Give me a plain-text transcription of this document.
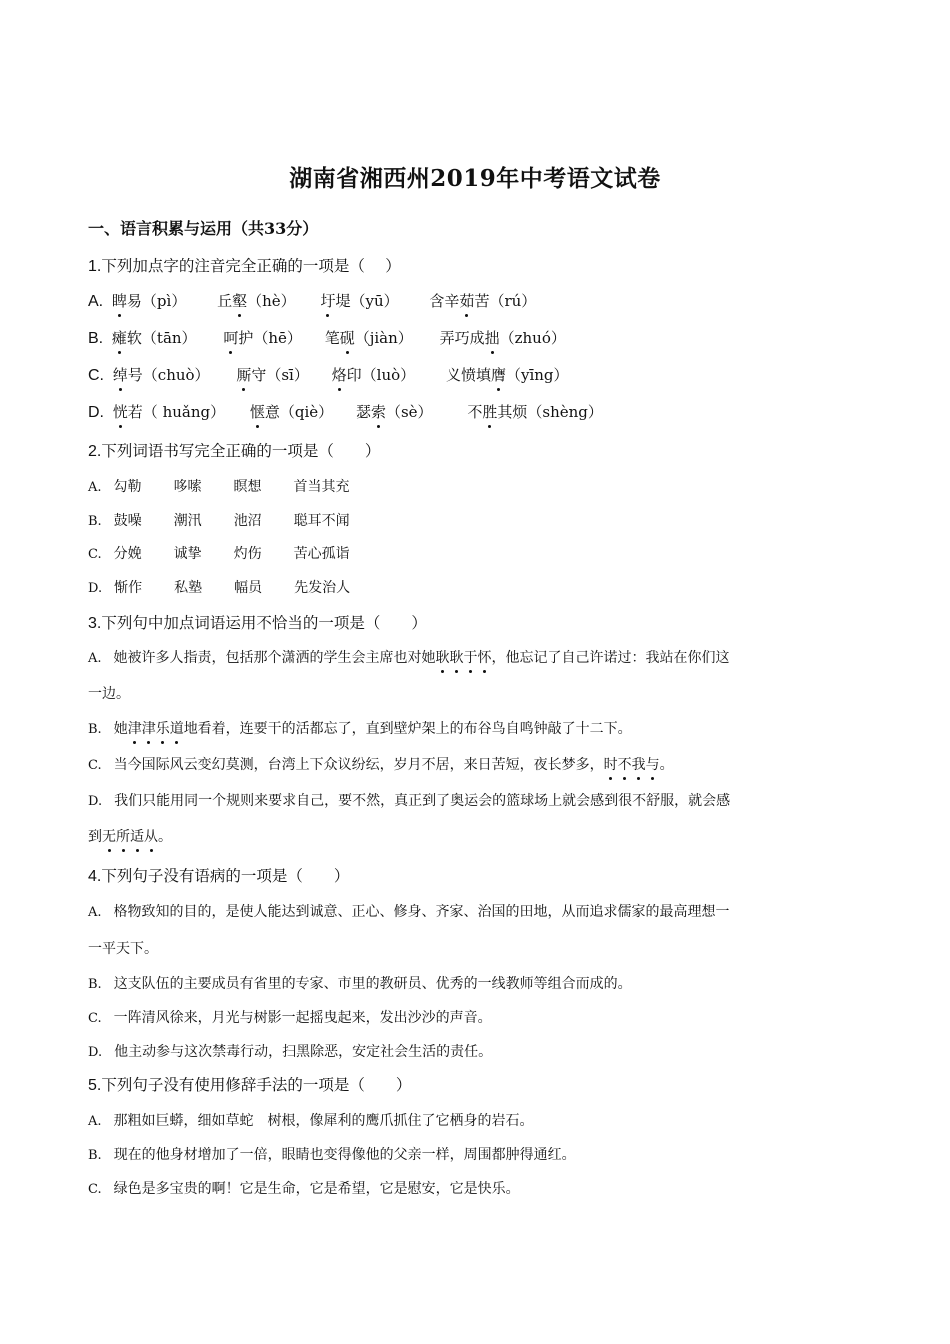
湖南省湘西州2019年中考语文试卷
一、语言积累与运用（共33分）
1.下列加点字的注音完全正确的一项是（　 ）
A. 睥易（pì） 丘壑（hè） 圩堤（yū） 含辛茹苦（rú）
B. 瘫软（tān） 呵护（hē） 笔砚（jiàn） 弄巧成拙（zhuó）
C. 绰号（chuò） 厮守（sī） 烙印（luò） 义愤填膺（yīng）
D. 恍若（ huǎng） 惬意（qiè） 瑟索（sè） 不胜其烦（shèng）
2.下列词语书写完全正确的一项是（　　）
A. 勾勒 哆嗦 瞑想 首当其充
B. 鼓噪 潮汛 池沼 聪耳不闻
C. 分娩 诚挚 灼伤 苦心孤诣
D. 惭作 私塾 幅员 先发治人
3.下列句中加点词语运用不恰当的一项是（　　）
A. 她被许多人指责，包括那个潇洒的学生会主席也对她耿耿于怀，他忘记了自己许诺过：我站在你们这
一边。
B. 她津津乐道地看着，连要干的活都忘了，直到壁炉架上的布谷鸟自鸣钟敲了十二下。
C. 当今国际风云变幻莫测，台湾上下众议纷纭，岁月不居，来日苦短，夜长梦多，时不我与。
D. 我们只能用同一个规则来要求自己，要不然，真正到了奥运会的篮球场上就会感到很不舒服，就会感
到无所适从。
4.下列句子没有语病的一项是（　　）
A. 格物致知的目的，是使人能达到诚意、正心、修身、齐家、治国的田地，从而追求儒家的最高理想一
一平天下。
B. 这支队伍的主要成员有省里的专家、市里的教研员、优秀的一线教师等组合而成的。
C. 一阵清风徐来，月光与树影一起摇曳起来，发出沙沙的声音。
D. 他主动参与这次禁毒行动，扫黑除恶，安定社会生活的责任。
5.下列句子没有使用修辞手法的一项是（　　）
A. 那粗如巨蟒，细如草蛇　树根，像犀利的鹰爪抓住了它栖身的岩石。
B. 现在的他身材增加了一倍，眼睛也变得像他的父亲一样，周围都肿得通红。
C. 绿色是多宝贵的啊！它是生命，它是希望，它是慰安，它是快乐。
